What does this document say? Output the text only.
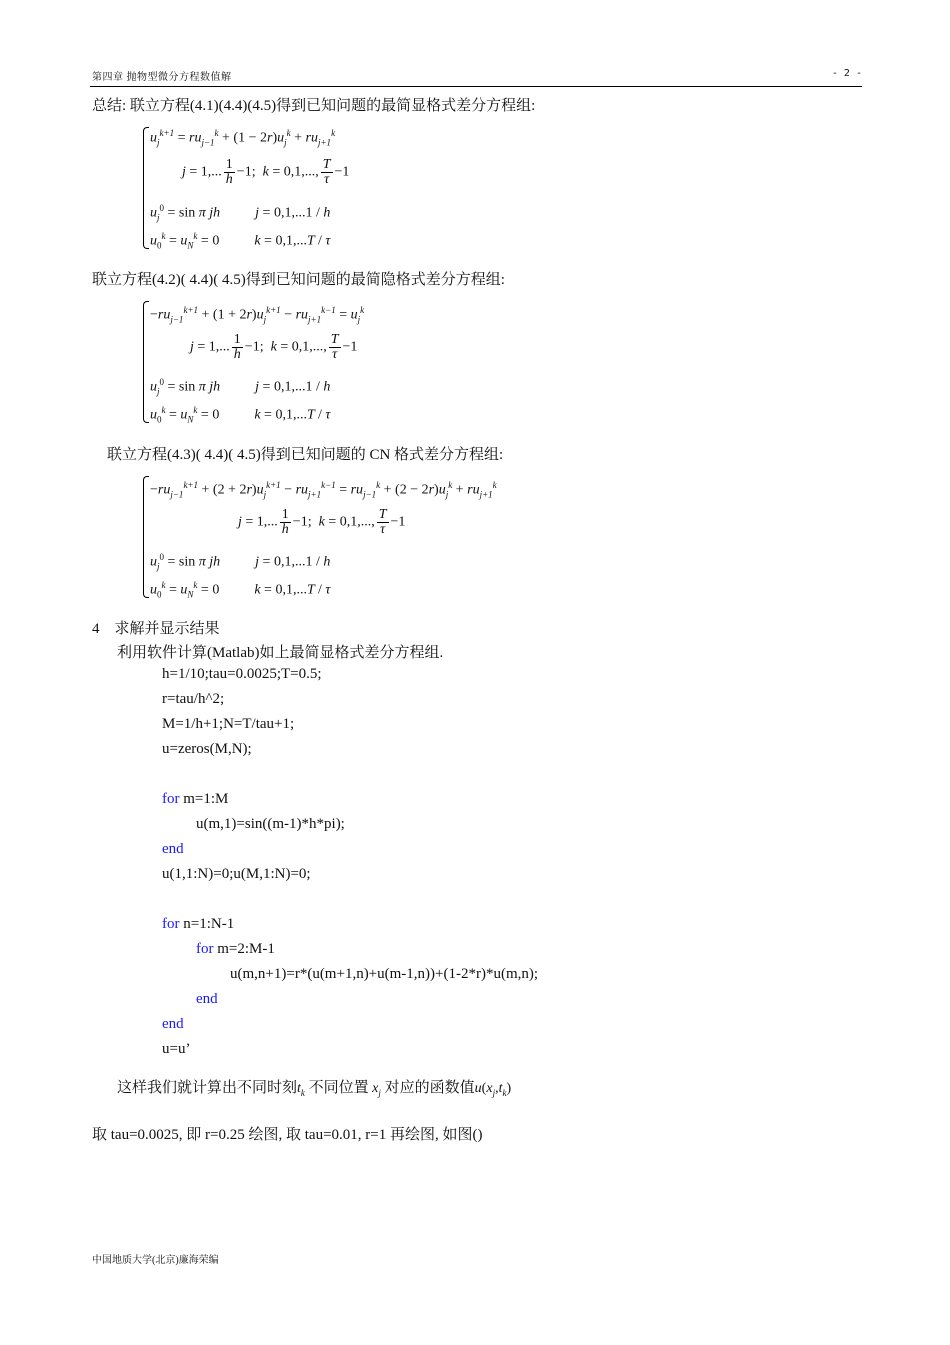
第四章 抛物型微分方程数值解	- 2 -
总结: 联立方程(4.1)(4.4)(4.5)得到已知问题的最简显格式差分方程组:
$u_j^{k+1} = ru_{j-1}^k + (1 - 2r)u_j^k + ru_{j+1}^k$
j = 1,... $\frac{1}{h} -1$;  k = 0,1,..., $\frac{T}{\tau} -1$
$u_j^0 = \sin \pi$ jh          j = 0,1,...1 / h
$u_0^k = u_N^k = 0$          k = 0,1,...T / τ
联立方程(4.2)( 4.4)( 4.5)得到已知问题的最简隐格式差分方程组:
$-ru_{j-1}^{k+1} + (1 + 2r)u_j^{k+1} - ru_{j+1}^{k-1} = u_j^k$
j = 1,... $\frac{1}{h} -1$;  k = 0,1,..., $\frac{T}{\tau} -1$
$u_j^0 = \sin \pi$ jh          j = 0,1,...1 / h
$u_0^k = u_N^k = 0$          k = 0,1,...T / τ
联立方程(4.3)( 4.4)( 4.5)得到已知问题的 CN 格式差分方程组:
$-ru_{j-1}^{k+1} + (2 + 2r)u_j^{k+1} - ru_{j+1}^{k-1} = ru_{j-1}^k + (2 - 2r)u_j^k + ru_{j+1}^k$
j = 1,... $\frac{1}{h} -1$;  k = 0,1,..., $\frac{T}{\tau} -1$
$u_j^0 = \sin \pi$ jh          j = 0,1,...1 / h
$u_0^k = u_N^k = 0$          k = 0,1,...T / τ
4 求解并显示结果
利用软件计算(Matlab)如上最简显格式差分方程组.
h=1/10;tau=0.0025;T=0.5;
r=tau/h^2;
M=1/h+1;N=T/tau+1;
u=zeros(M,N);
for m=1:M
u(m,1)=sin((m-1)*h*pi);
end
u(1,1:N)=0;u(M,1:N)=0;
for n=1:N-1
for m=2:M-1
u(m,n+1)=r*(u(m+1,n)+u(m-1,n))+(1-2*r)*u(m,n);
end
end
u=u’
这样我们就计算出不同时刻$t_k$ 不同位置 $x_j$ 对应的函数值$u(x_j,t_k)$
取 tau=0.0025, 即 r=0.25 绘图, 取 tau=0.01, r=1 再绘图, 如图()
中国地质大学(北京)廉海荣编
